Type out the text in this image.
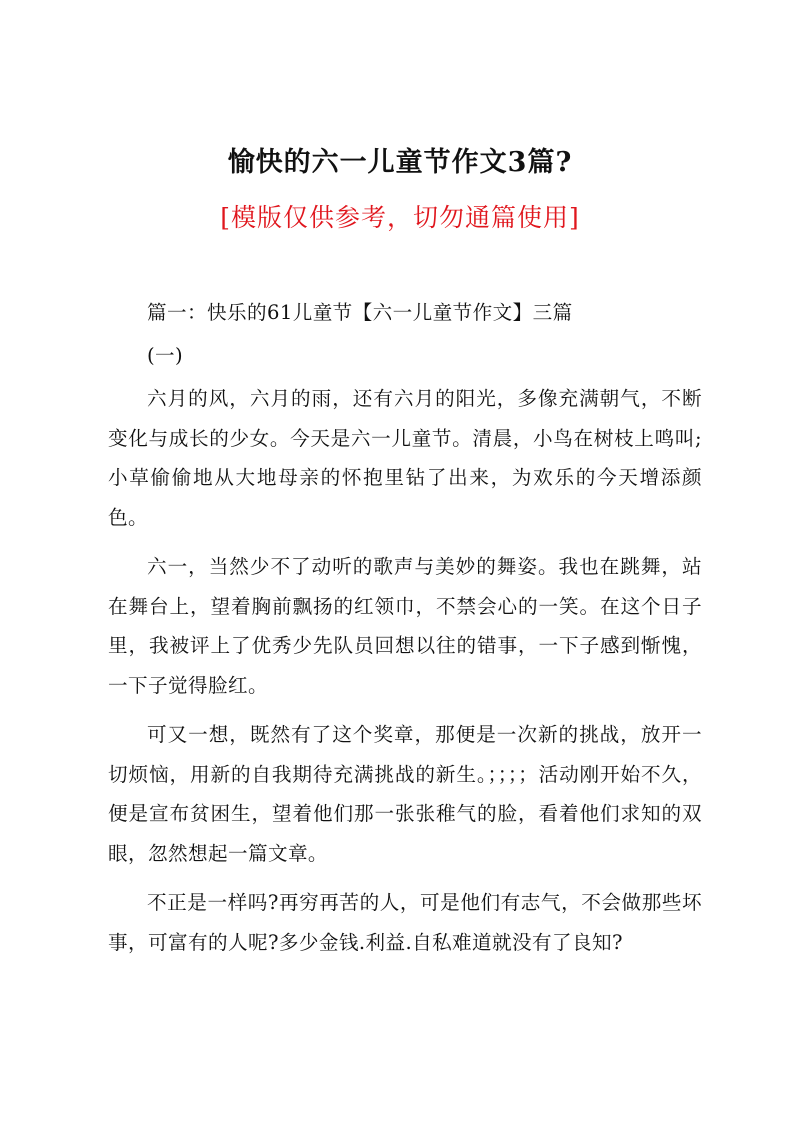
愉快的六一儿童节作文3篇?
[模版仅供参考，切勿通篇使用]
篇一：快乐的61儿童节【六一儿童节作文】三篇
(一)

六月的风，六月的雨，还有六月的阳光，多像充满朝气，不断变化与成长的少女。今天是六一儿童节。清晨，小鸟在树枝上鸣叫;小草偷偷地从大地母亲的怀抱里钻了出来，为欢乐的今天增添颜色。

六一，当然少不了动听的歌声与美妙的舞姿。我也在跳舞，站在舞台上，望着胸前飘扬的红领巾，不禁会心的一笑。在这个日子里，我被评上了优秀少先队员回想以往的错事，一下子感到惭愧，一下子觉得脸红。

可又一想，既然有了这个奖章，那便是一次新的挑战，放开一切烦恼，用新的自我期待充满挑战的新生。；；；；活动刚开始不久，便是宣布贫困生，望着他们那一张张稚气的脸，看着他们求知的双眼，忽然想起一篇文章。

不正是一样吗?再穷再苦的人，可是他们有志气，不会做那些坏事，可富有的人呢?多少金钱.利益.自私难道就没有了良知?
